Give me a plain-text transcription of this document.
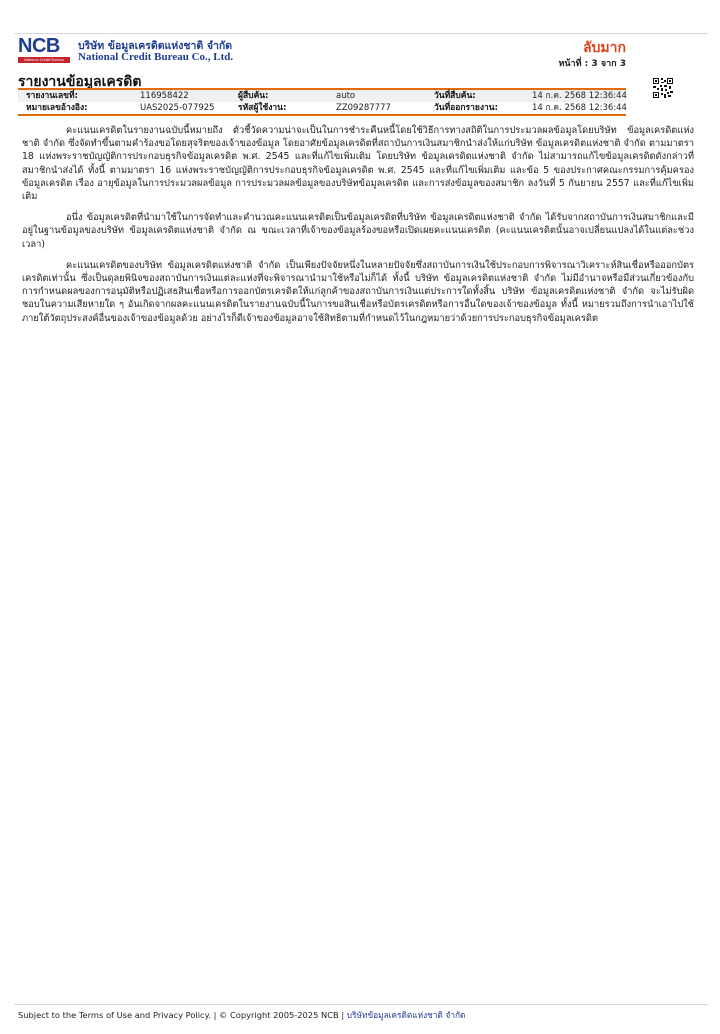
NCB
National Credit Bureau
บริษัท ข้อมูลเครดิตแห่งชาติ จำกัด
National Credit Bureau Co., Ltd.
ลับมาก
หน้าที่ : 3 จาก 3
รายงานข้อมูลเครดิต
รายงานเลขที่:	116958422	ผู้สืบค้น:	auto	วันที่สืบค้น:	14 ก.ค. 2568 12:36:44
หมายเลขอ้างอิง:	UAS2025-077925	รหัสผู้ใช้งาน:	ZZ09287777	วันที่ออกรายงาน:	14 ก.ค. 2568 12:36:44

คะแนนเครดิตในรายงานฉบับนี้หมายถึง ตัวชี้วัดความน่าจะเป็นในการชำระคืนหนี้โดยใช้วิธีการทางสถิติในการประมวลผลข้อมูลโดยบริษัท ข้อมูลเครดิตแห่งชาติ จำกัด ซึ่งจัดทำขึ้นตามคำร้องขอโดยสุจริตของเจ้าของข้อมูล โดยอาศัยข้อมูลเครดิตที่สถาบันการเงินสมาชิกนำส่งให้แก่บริษัท ข้อมูลเครดิตแห่งชาติ จำกัด ตามมาตรา 18 แห่งพระราชบัญญัติการประกอบธุรกิจข้อมูลเครดิต พ.ศ. 2545 และที่แก้ไขเพิ่มเติม โดยบริษัท ข้อมูลเครดิตแห่งชาติ จำกัด ไม่สามารถแก้ไขข้อมูลเครดิตดังกล่าวที่สมาชิกนำส่งได้ ทั้งนี้ ตามมาตรา 16 แห่งพระราชบัญญัติการประกอบธุรกิจข้อมูลเครดิต พ.ศ. 2545 และที่แก้ไขเพิ่มเติม และข้อ 5 ของประกาศคณะกรรมการคุ้มครองข้อมูลเครดิต เรื่อง อายุข้อมูลในการประมวลผลข้อมูล การประมวลผลข้อมูลของบริษัทข้อมูลเครดิต และการส่งข้อมูลของสมาชิก ลงวันที่ 5 กันยายน 2557 และที่แก้ไขเพิ่มเติม

อนึ่ง ข้อมูลเครดิตที่นำมาใช้ในการจัดทำและคำนวณคะแนนเครดิตเป็นข้อมูลเครดิตที่บริษัท ข้อมูลเครดิตแห่งชาติ จำกัด ได้รับจากสถาบันการเงินสมาชิกและมีอยู่ในฐานข้อมูลของบริษัท ข้อมูลเครดิตแห่งชาติ จำกัด ณ ขณะเวลาที่เจ้าของข้อมูลร้องขอหรือเปิดเผยคะแนนเครดิต (คะแนนเครดิตนั้นอาจเปลี่ยนแปลงได้ในแต่ละช่วงเวลา)

คะแนนเครดิตของบริษัท ข้อมูลเครดิตแห่งชาติ จำกัด เป็นเพียงปัจจัยหนึ่งในหลายปัจจัยซึ่งสถาบันการเงินใช้ประกอบการพิจารณาวิเคราะห์สินเชื่อหรือออกบัตรเครดิตเท่านั้น ซึ่งเป็นดุลยพินิจของสถาบันการเงินแต่ละแห่งที่จะพิจารณานำมาใช้หรือไม่ก็ได้ ทั้งนี้ บริษัท ข้อมูลเครดิตแห่งชาติ จำกัด ไม่มีอำนาจหรือมีส่วนเกี่ยวข้องกับการกำหนดผลของการอนุมัติหรือปฏิเสธสินเชื่อหรือการออกบัตรเครดิตให้แก่ลูกค้าของสถาบันการเงินแต่ประการใดทั้งสิ้น บริษัท ข้อมูลเครดิตแห่งชาติ จำกัด จะไม่รับผิดชอบในความเสียหายใด ๆ อันเกิดจากผลคะแนนเครดิตในรายงานฉบับนี้ในการขอสินเชื่อหรือบัตรเครดิตหรือการอื่นใดของเจ้าของข้อมูล ทั้งนี้ หมายรวมถึงการนำเอาไปใช้ภายใต้วัตถุประสงค์อื่นของเจ้าของข้อมูลด้วย อย่างไรก็ดีเจ้าของข้อมูลอาจใช้สิทธิตามที่กำหนดไว้ในกฎหมายว่าด้วยการประกอบธุรกิจข้อมูลเครดิต

Subject to the Terms of Use and Privacy Policy. | © Copyright 2005-2025 NCB | บริษัทข้อมูลเครดิตแห่งชาติ จำกัด
